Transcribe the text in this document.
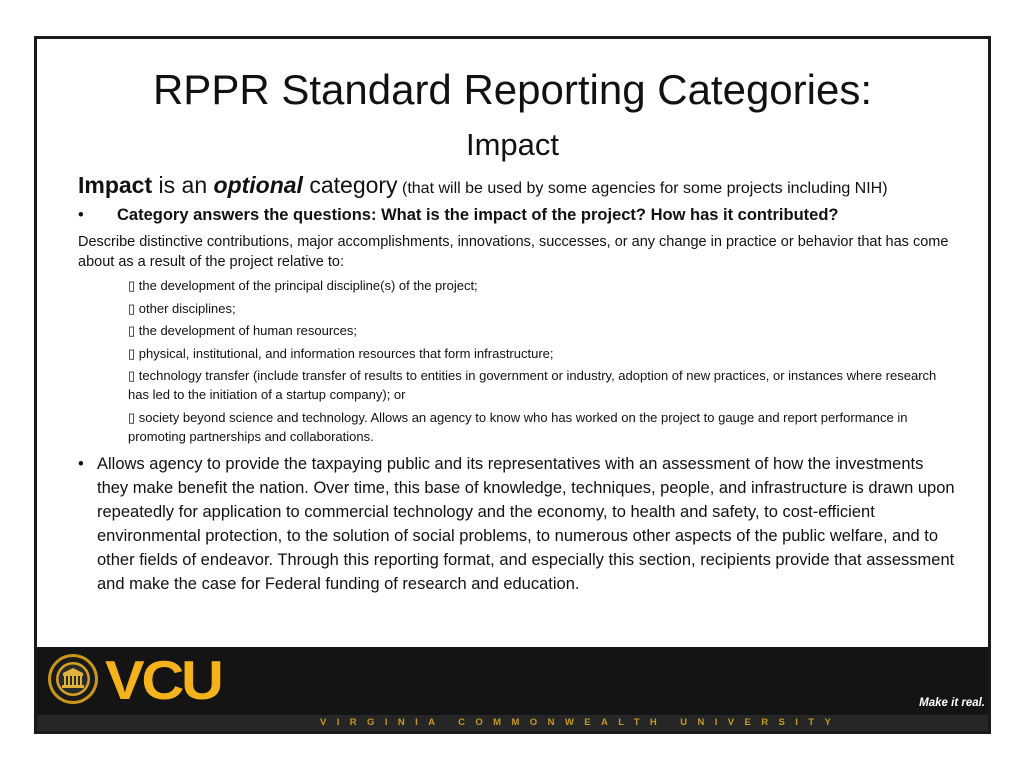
RPPR Standard Reporting Categories:
Impact
Impact is an optional category (that will be used by some agencies for some projects including NIH)
• Category answers the questions: What is the impact of the project? How has it contributed?
Describe distinctive contributions, major accomplishments, innovations, successes, or any change in practice or behavior that has come about as a result of the project relative to:
▯ the development of the principal discipline(s) of the project;
▯ other disciplines;
▯ the development of human resources;
▯ physical, institutional, and information resources that form infrastructure;
▯ technology transfer (include transfer of results to entities in government or industry, adoption of new practices, or instances where research has led to the initiation of a startup company); or
▯ society beyond science and technology. Allows an agency to know who has worked on the project to gauge and report performance in promoting partnerships and collaborations.
• Allows agency to provide the taxpaying public and its representatives with an assessment of how the investments they make benefit the nation. Over time, this base of knowledge, techniques, people, and infrastructure is drawn upon repeatedly for application to commercial technology and the economy, to health and safety, to cost-efficient environmental protection, to the solution of social problems, to numerous other aspects of the public welfare, and to other fields of endeavor. Through this reporting format, and especially this section, recipients provide that assessment and make the case for Federal funding of research and education.
VCU	Make it real.
VIRGINIA COMMONWEALTH UNIVERSITY
